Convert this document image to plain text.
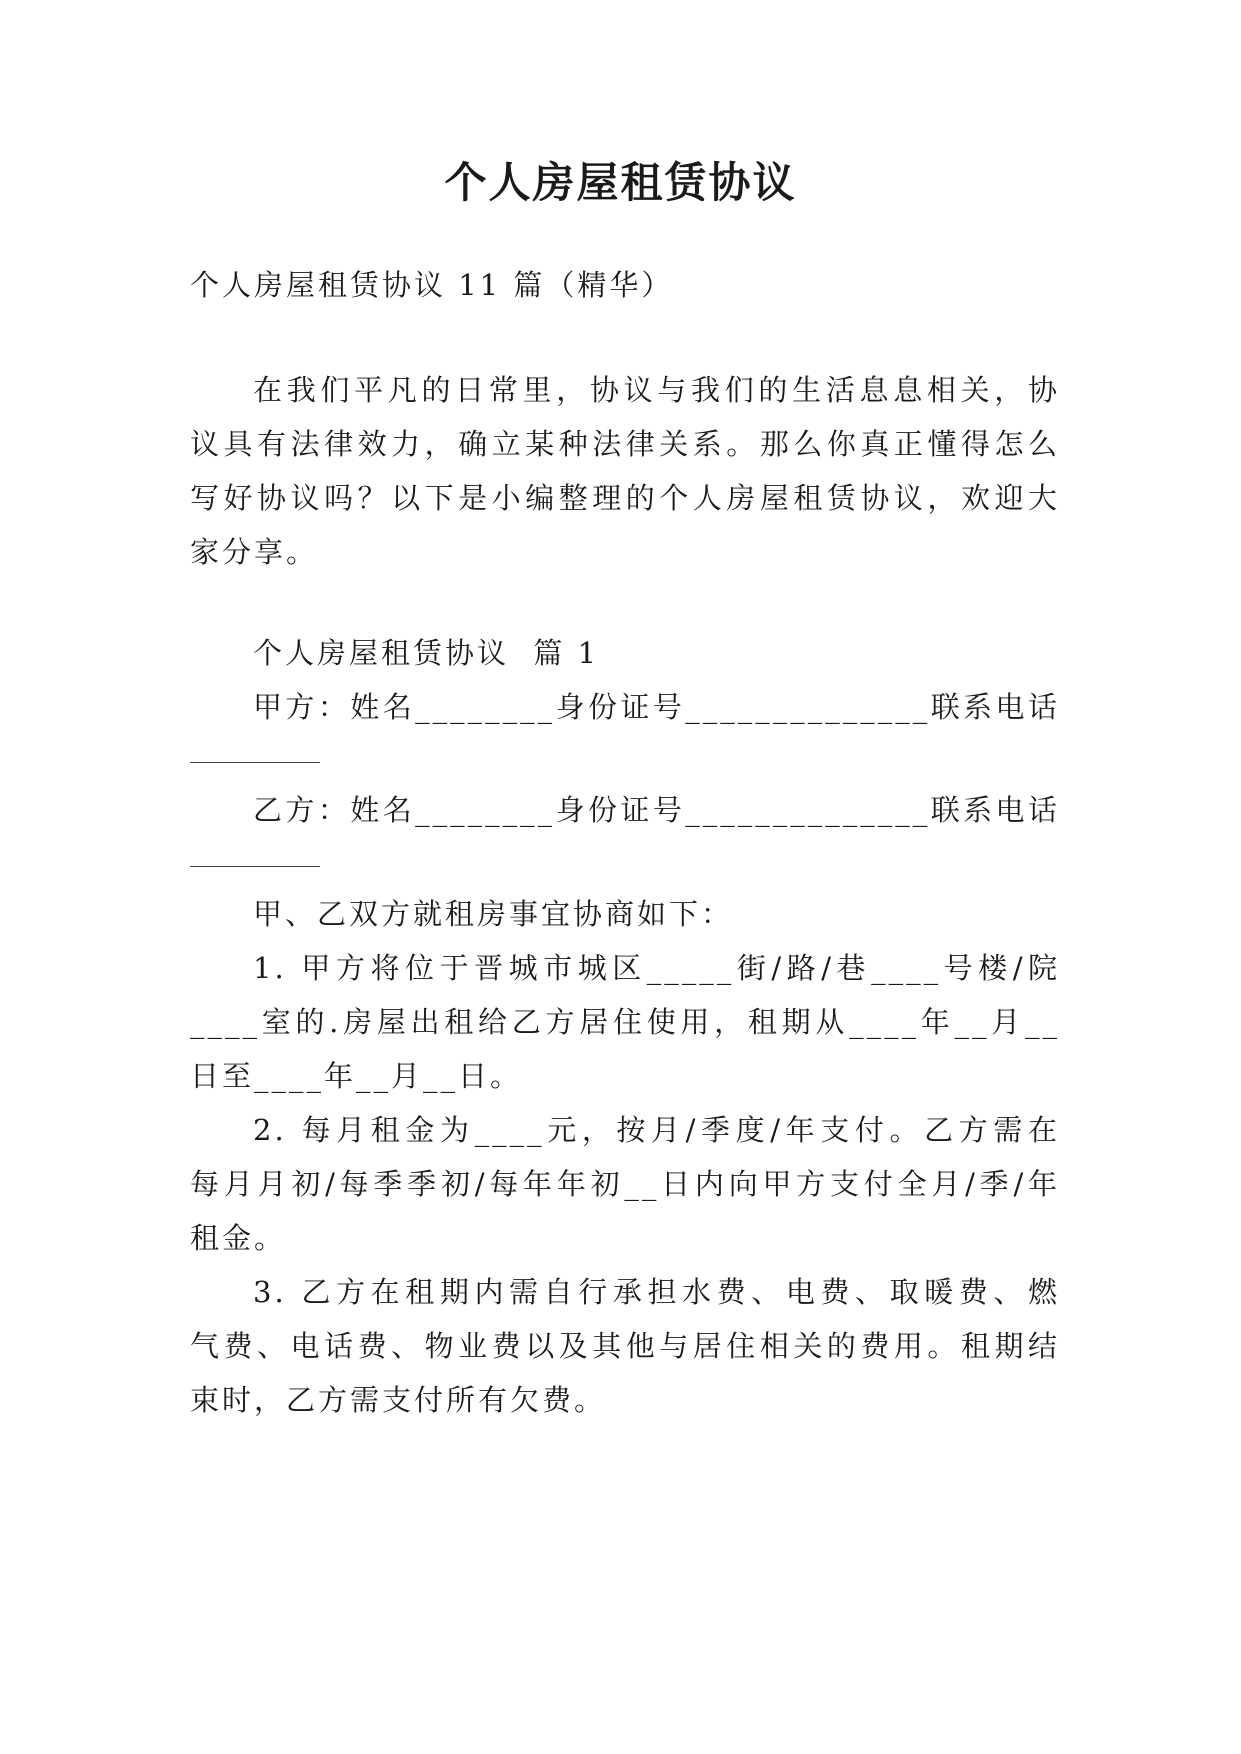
个人房屋租赁协议
个人房屋租赁协议 11 篇（精华）
在我们平凡的日常里，协议与我们的生活息息相关，协
议具有法律效力，确立某种法律关系。那么你真正懂得怎么
写好协议吗？以下是小编整理的个人房屋租赁协议，欢迎大
家分享。
个人房屋租赁协议  篇 1
甲方：姓名________身份证号______________联系电话
乙方：姓名________身份证号______________联系电话
甲、乙双方就租房事宜协商如下：
1. 甲方将位于晋城市城区_____街/路/巷____号楼/院
____室的.房屋出租给乙方居住使用，租期从____年__月__
日至____年__月__日。
2. 每月租金为____元，按月/季度/年支付。乙方需在
每月月初/每季季初/每年年初__日内向甲方支付全月/季/年
租金。
3. 乙方在租期内需自行承担水费、电费、取暖费、燃
气费、电话费、物业费以及其他与居住相关的费用。租期结
束时，乙方需支付所有欠费。
